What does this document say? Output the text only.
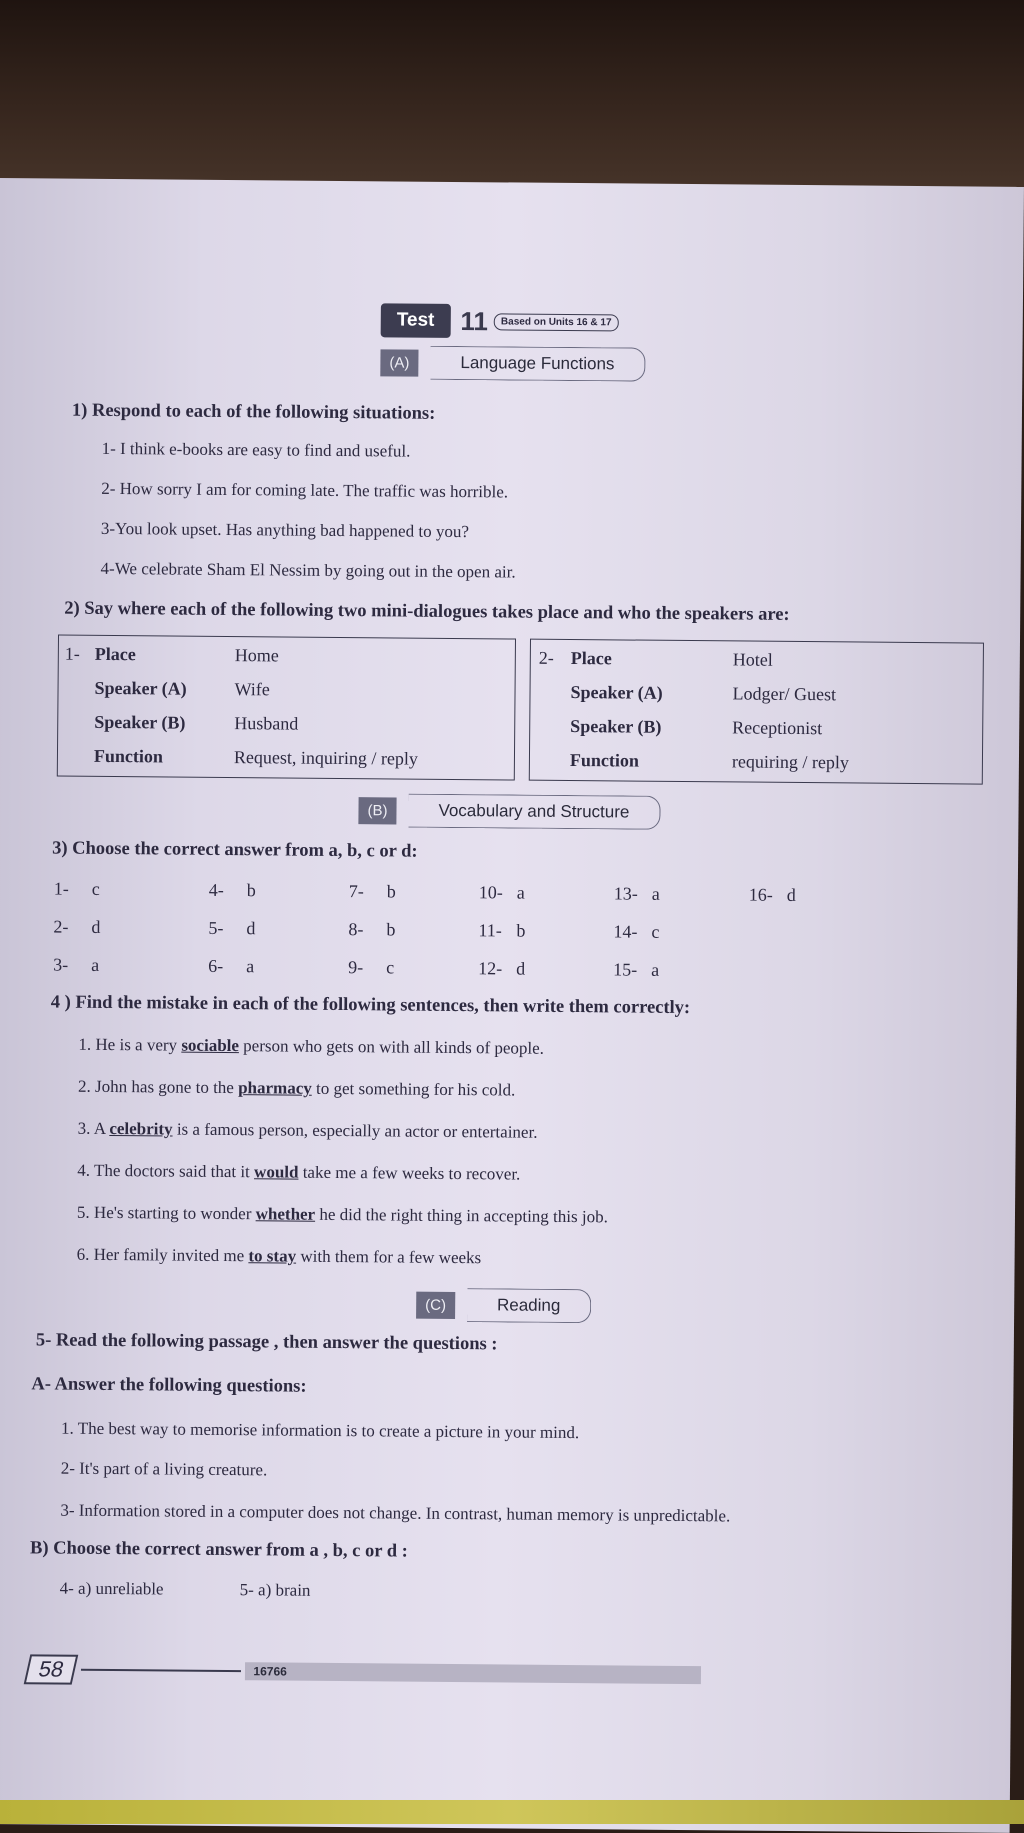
Test 11	Based on Units 16 & 17
(A)	Language Functions
1) Respond to each of the following situations:
1- I think e-books are easy to find and useful.
2- How sorry I am for coming late. The traffic was horrible.
3-You look upset. Has anything bad happened to you?
4-We celebrate Sham El Nessim by going out in the open air.
2) Say where each of the following two mini-dialogues takes place and who the speakers are:
1- Place	Home
Speaker (A)	Wife
Speaker (B)	Husband
Function	Request, inquiring / reply
2- Place	Hotel
Speaker (A)	Lodger/ Guest
Speaker (B)	Receptionist
Function	requiring / reply
(B)	Vocabulary and Structure
3) Choose the correct answer from a, b, c or d:
1- c
2- d
3- a
4- b
5- d
6- a
7- b
8- b
9- c
10- a
11- b
12- d
13- a
14- c
15- a
16- d
4 ) Find the mistake in each of the following sentences, then write them correctly:
1. He is a very sociable person who gets on with all kinds of people.
2. John has gone to the pharmacy to get something for his cold.
3. A celebrity is a famous person, especially an actor or entertainer.
4. The doctors said that it would take me a few weeks to recover.
5. He's starting to wonder whether he did the right thing in accepting this job.
6. Her family invited me to stay with them for a few weeks
(C)	Reading
5- Read the following passage , then answer the questions :
A- Answer the following questions:
1. The best way to memorise information is to create a picture in your mind.
2- It's part of a living creature.
3- Information stored in a computer does not change. In contrast, human memory is unpredictable.
B) Choose the correct answer from a , b, c or d :
4- a) unreliable	5- a) brain
58	16766
